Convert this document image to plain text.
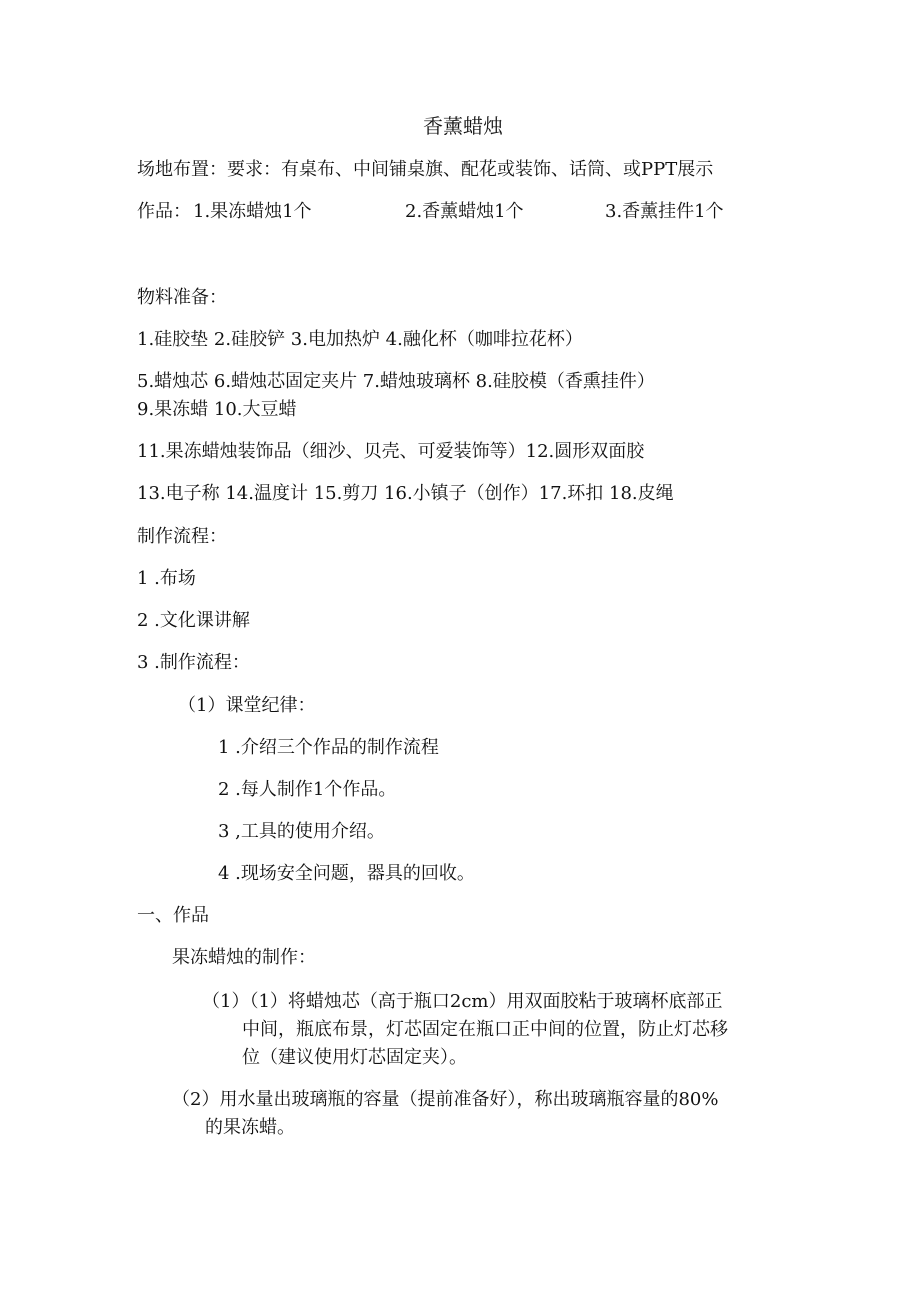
香薰蜡烛
场地布置：要求：有桌布、中间铺桌旗、配花或装饰、话筒、或PPT展示
作品： 1.果冻蜡烛1个	2.香薰蜡烛1个	3.香薰挂件1个
物料准备：
1.硅胶垫 2.硅胶铲 3.电加热炉 4.融化杯（咖啡拉花杯）
5.蜡烛芯 6.蜡烛芯固定夹片 7.蜡烛玻璃杯 8.硅胶模（香熏挂件）
9.果冻蜡 10.大豆蜡
11.果冻蜡烛装饰品（细沙、贝壳、可爱装饰等）12.圆形双面胶
13.电子称 14.温度计 15.剪刀 16.小镇子（创作）17.环扣 18.皮绳
制作流程：
1 .布场
2 .文化课讲解
3 .制作流程：
（1）课堂纪律：
1 .介绍三个作品的制作流程
2 .每人制作1个作品。
3 ,工具的使用介绍。
4 .现场安全问题，器具的回收。
一、作品
果冻蜡烛的制作：
（1）（1）将蜡烛芯（高于瓶口2cm）用双面胶粘于玻璃杯底部正
中间，瓶底布景，灯芯固定在瓶口正中间的位置，防止灯芯移
位（建议使用灯芯固定夹）。
（2）用水量出玻璃瓶的容量（提前准备好），称出玻璃瓶容量的80%
的果冻蜡。
